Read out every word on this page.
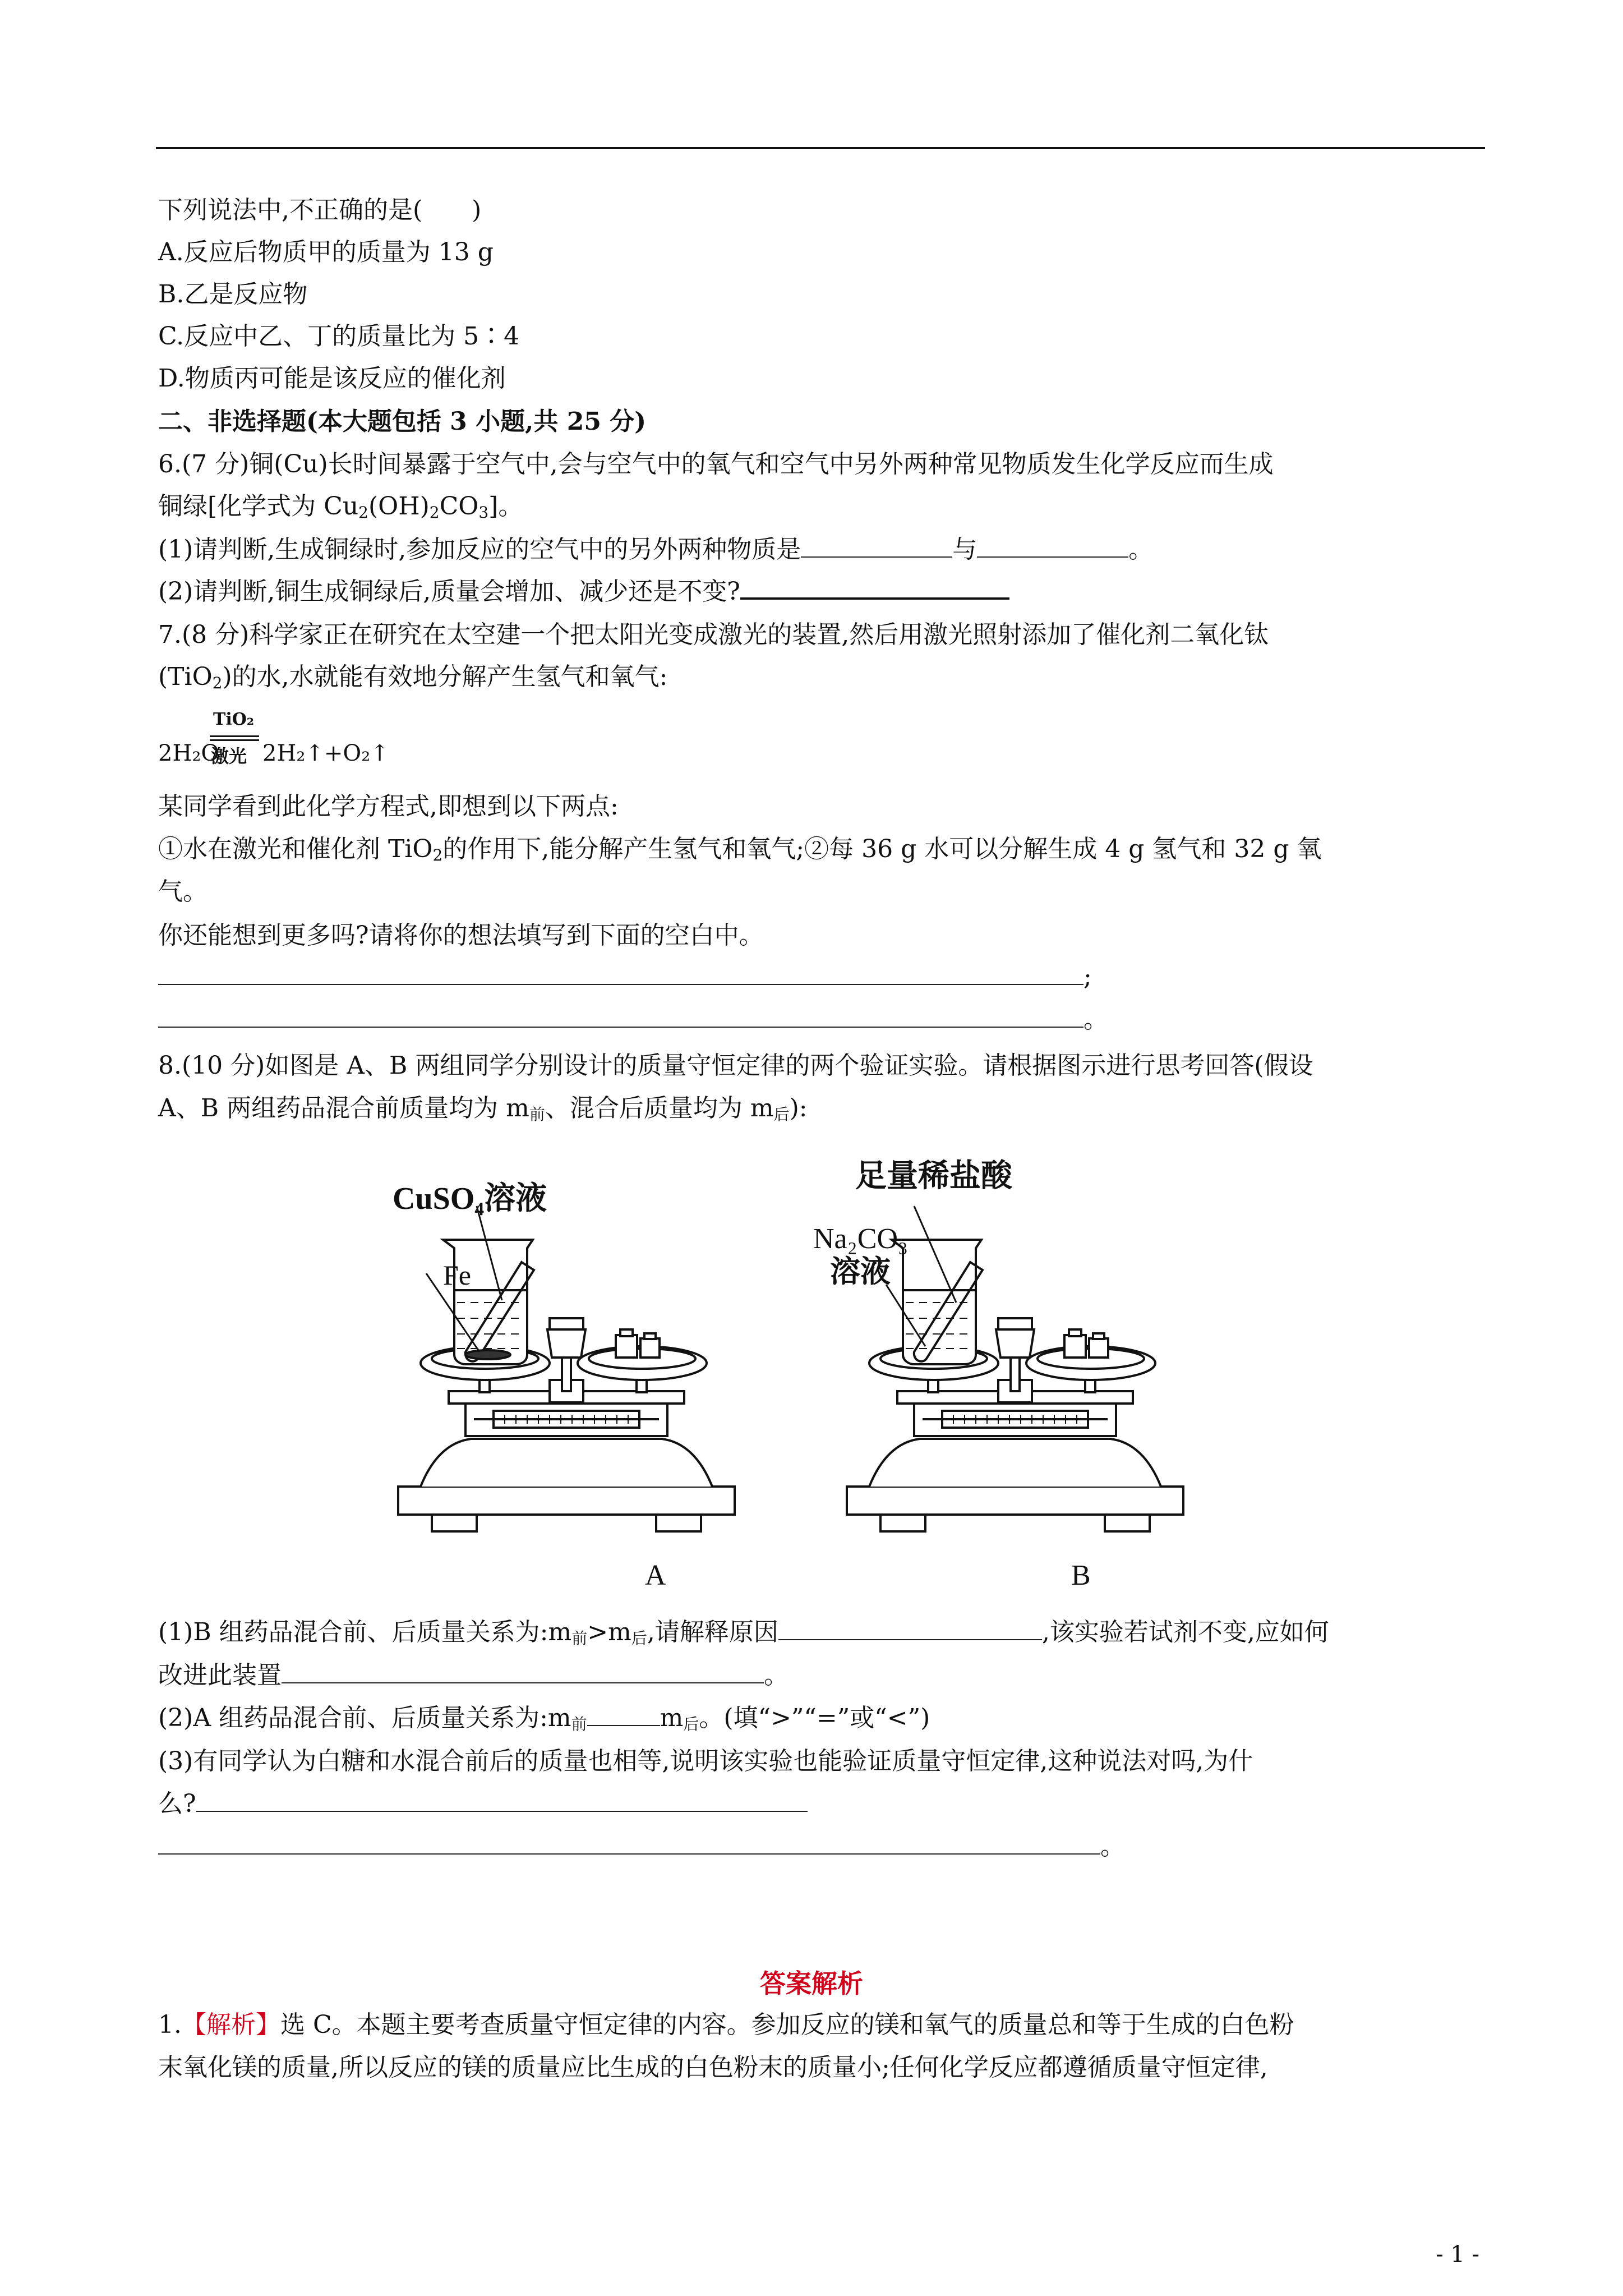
下列说法中,不正确的是(　　)
A.反应后物质甲的质量为 13 g
B.乙是反应物
C.反应中乙、丁的质量比为 5∶4
D.物质丙可能是该反应的催化剂
二、非选择题(本大题包括 3 小题,共 25 分)
6.(7 分)铜(Cu)长时间暴露于空气中,会与空气中的氧气和空气中另外两种常见物质发生化学反应而生成
铜绿[化学式为 $Cu_2(OH)_2CO_3$]。
(1)请判断,生成铜绿时,参加反应的空气中的另外两种物质是	与	。
(2)请判断,铜生成铜绿后,质量会增加、减少还是不变?
7.(8 分)科学家正在研究在太空建一个把太阳光变成激光的装置,然后用激光照射添加了催化剂二氧化钛
(TiO$_2$)的水,水就能有效地分解产生氢气和氧气:
TiO₂
激光
2H₂O 2H₂↑+O₂↑
某同学看到此化学方程式,即想到以下两点:
①水在激光和催化剂 TiO$_2$的作用下,能分解产生氢气和氧气;②每 36 g 水可以分解生成 4 g 氢气和 32 g 氧
气。
你还能想到更多吗?请将你的想法填写到下面的空白中。
;
。
8.(10 分)如图是 A、B 两组同学分别设计的质量守恒定律的两个验证实验。请根据图示进行思考回答(假设
A、B 两组药品混合前质量均为 $m_前$、混合后质量均为 $m_后$):
CuSO₄溶液
Fe
足量稀盐酸
Na₂CO₃
溶液
A	B
(1)B 组药品混合前、后质量关系为$:m_前>m_后$,请解释原因	,该实验若试剂不变,应如何
改进此装置	。
(2)A 组药品混合前、后质量关系为$:m_前$	$m_后$。(填“>”“=”或“<”)
(3)有同学认为白糖和水混合前后的质量也相等,说明该实验也能验证质量守恒定律,这种说法对吗,为什
么?
。
答案解析
1.【解析】选 C。本题主要考查质量守恒定律的内容。参加反应的镁和氧气的质量总和等于生成的白色粉
末氧化镁的质量,所以反应的镁的质量应比生成的白色粉末的质量小;任何化学反应都遵循质量守恒定律,
- 1 -
